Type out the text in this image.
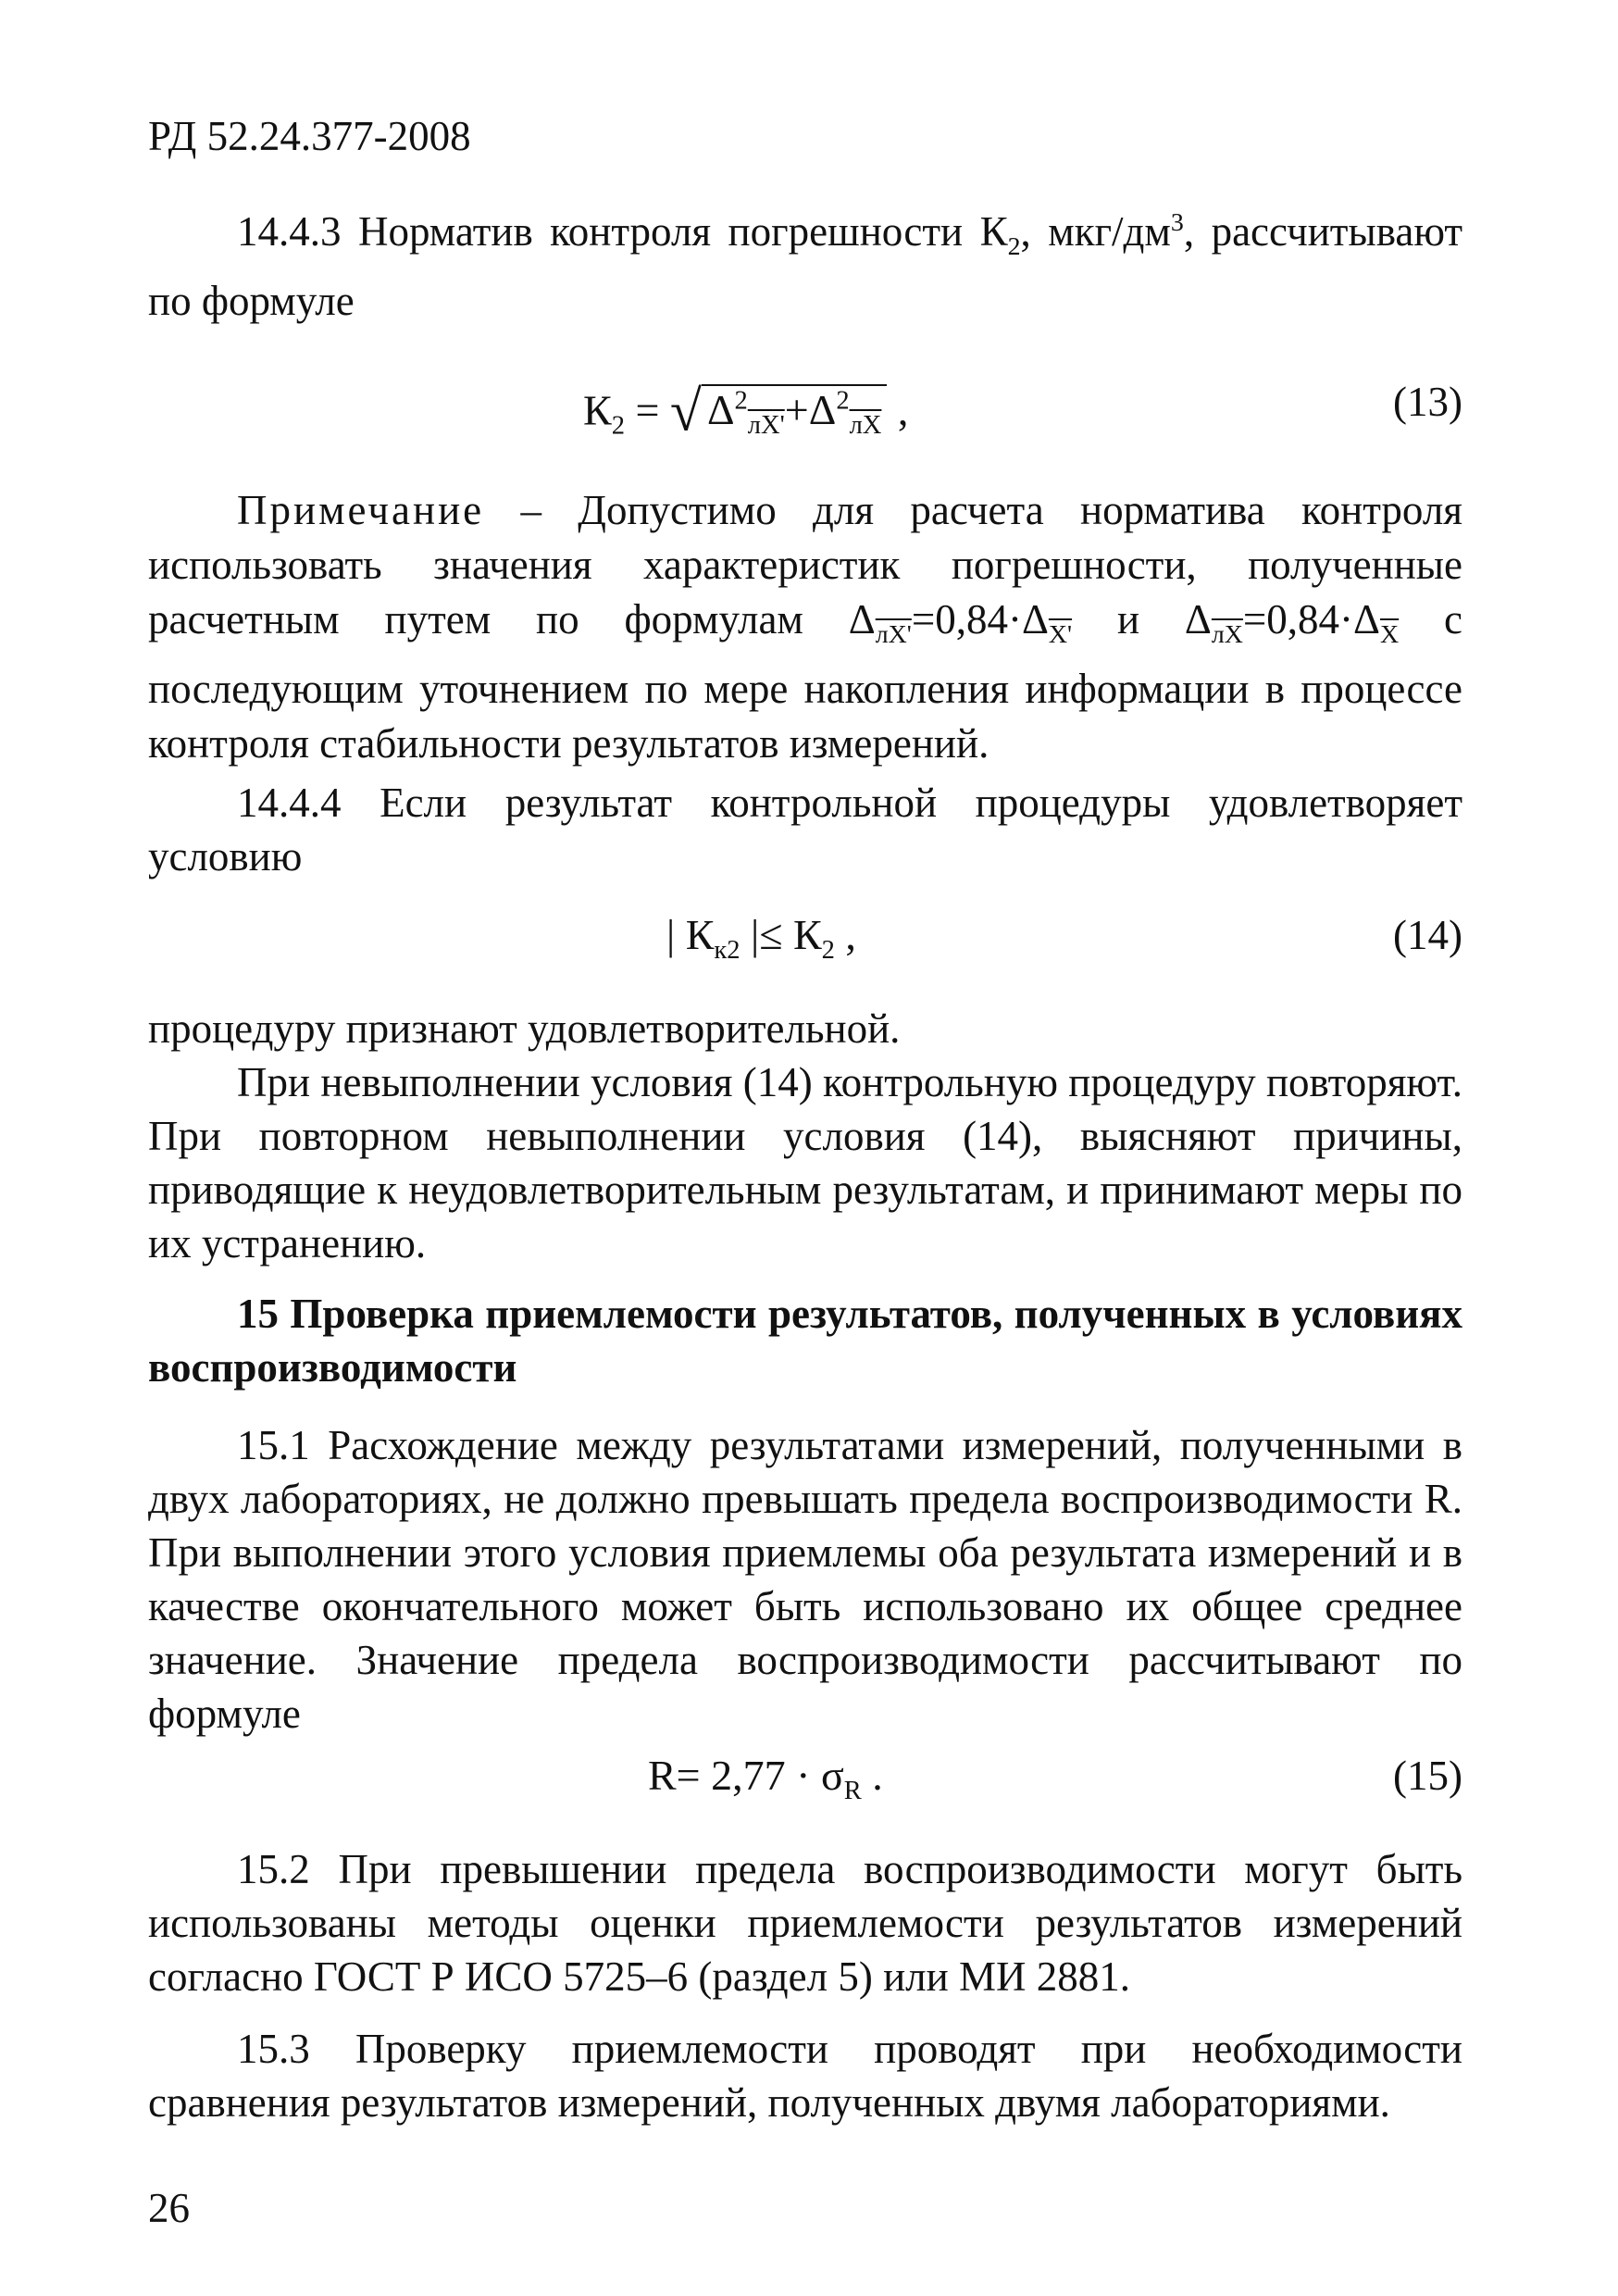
РД 52.24.377-2008
14.4.3 Норматив контроля погрешности $К_2$, мкг/$дм^3$, рассчитывают по формуле
$К_2$ = √ $\Delta^2_{лX'}+\Delta^2_{лX}$ ,	(13)
Примечание – Допустимо для расчета норматива контроля использовать значения характеристик погрешности, полученные расчетным путем по формулам $\Delta_{лX'}=0,84\cdot\Delta_{X'}$ и $\Delta_{лX}=0,84\cdot\Delta_{\overline{X}}$ с последующим уточнением по мере накопления информации в процессе контроля стабильности результатов измерений.
14.4.4 Если результат контрольной процедуры удовлетворяет условию
| $К_{к2}$ |≤ $К_2$ ,	(14)
процедуру признают удовлетворительной.
При невыполнении условия (14) контрольную процедуру повторяют. При повторном невыполнении условия (14), выясняют причины, приводящие к неудовлетворительным результатам, и принимают меры по их устранению.
15 Проверка приемлемости результатов, полученных в условиях воспроизводимости
15.1 Расхождение между результатами измерений, полученными в двух лабораториях, не должно превышать предела воспроизводимости R. При выполнении этого условия приемлемы оба результата измерений и в качестве окончательного может быть использовано их общее среднее значение. Значение предела воспроизводимости рассчитывают по формуле
$R= 2,77 \cdot \sigma_R$ .	(15)
15.2 При превышении предела воспроизводимости могут быть использованы методы оценки приемлемости результатов измерений согласно ГОСТ Р ИСО 5725–6 (раздел 5) или МИ 2881.
15.3 Проверку приемлемости проводят при необходимости сравнения результатов измерений, полученных двумя лабораториями.
26
